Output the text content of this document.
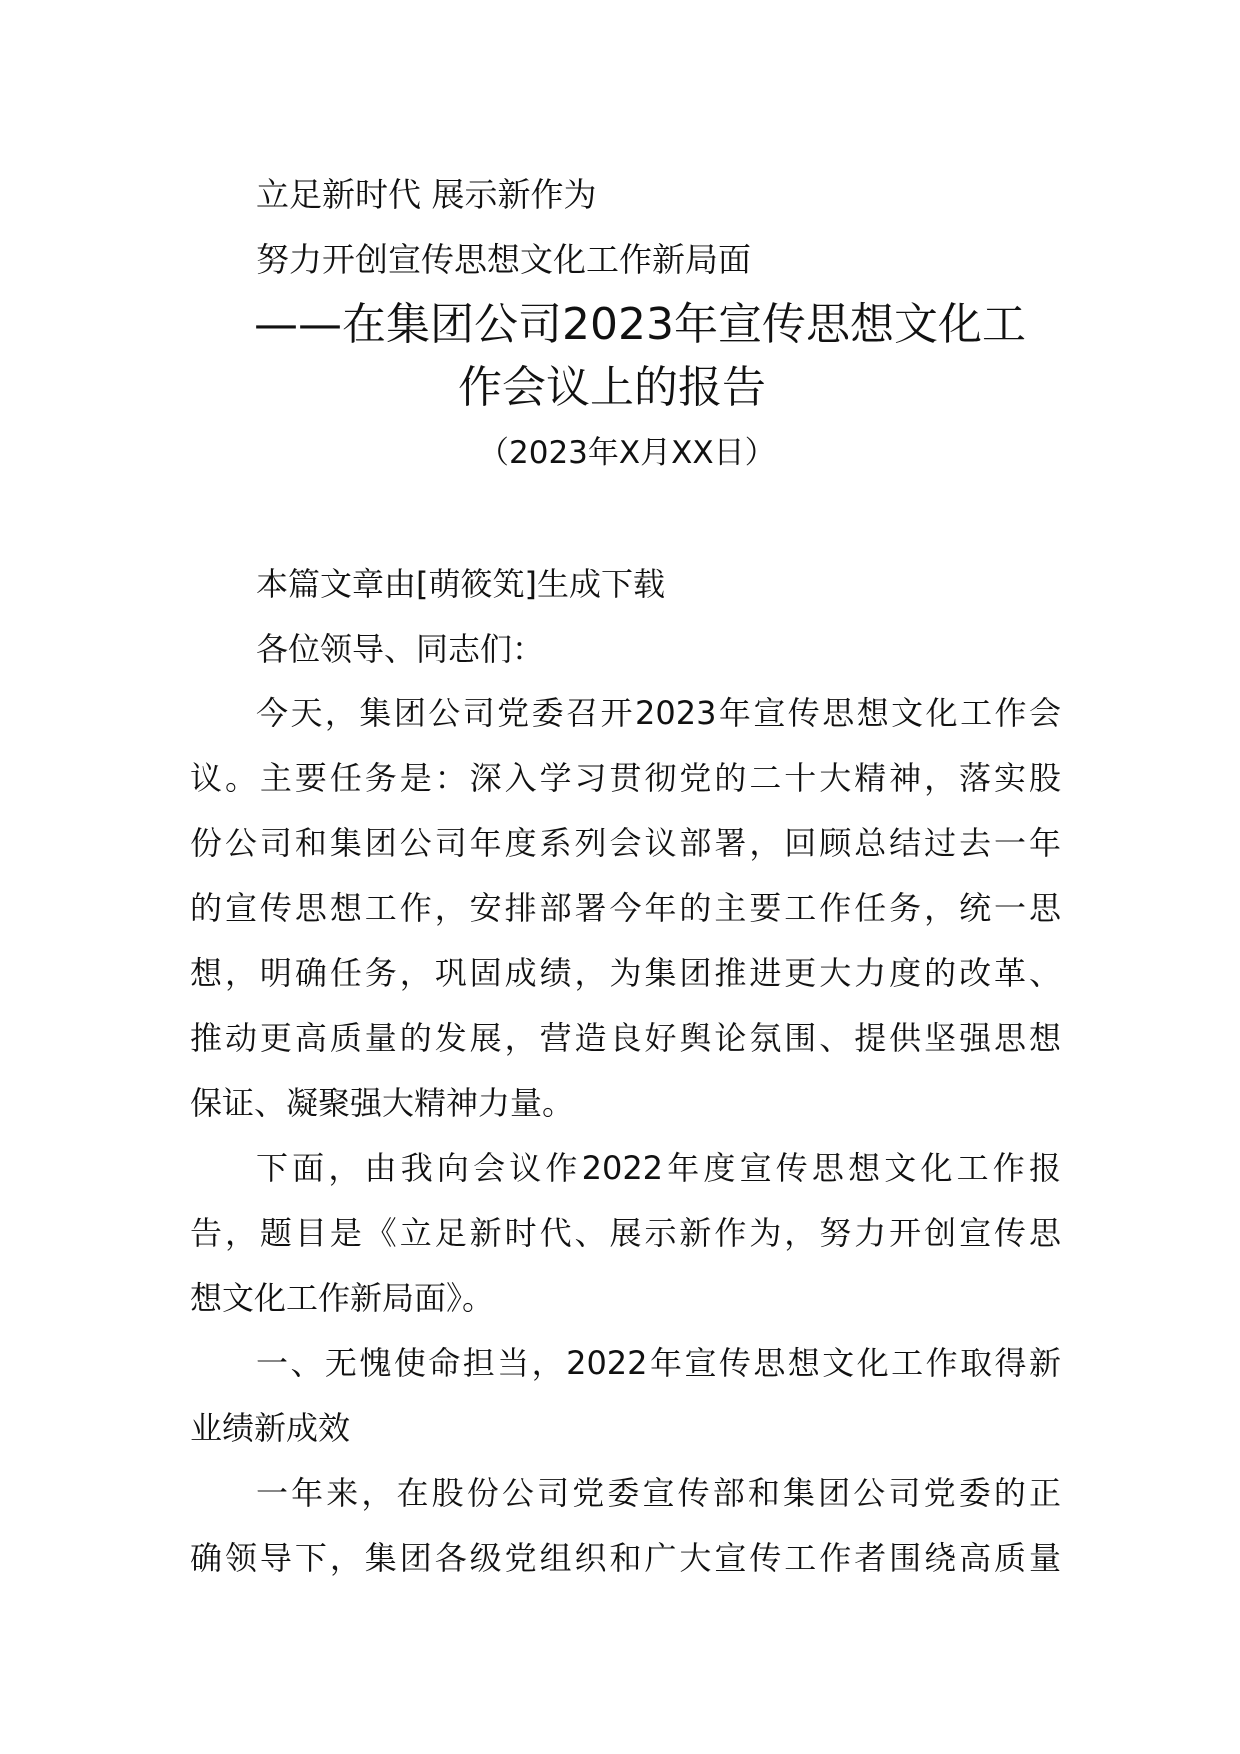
立足新时代 展示新作为

努力开创宣传思想文化工作新局面

——在集团公司2023年宣传思想文化工

作会议上的报告

（2023年X月XX日）

本篇文章由[萌筱笂]生成下载

各位领导、同志们：

今天，集团公司党委召开2023年宣传思想文化工作会

议。主要任务是：深入学习贯彻党的二十大精神，落实股

份公司和集团公司年度系列会议部署，回顾总结过去一年

的宣传思想工作，安排部署今年的主要工作任务，统一思

想，明确任务，巩固成绩，为集团推进更大力度的改革、

推动更高质量的发展，营造良好舆论氛围、提供坚强思想

保证、凝聚强大精神力量。

下面，由我向会议作2022年度宣传思想文化工作报

告，题目是《立足新时代、展示新作为，努力开创宣传思

想文化工作新局面》。

一、无愧使命担当，2022年宣传思想文化工作取得新

业绩新成效

一年来，在股份公司党委宣传部和集团公司党委的正

确领导下，集团各级党组织和广大宣传工作者围绕高质量
